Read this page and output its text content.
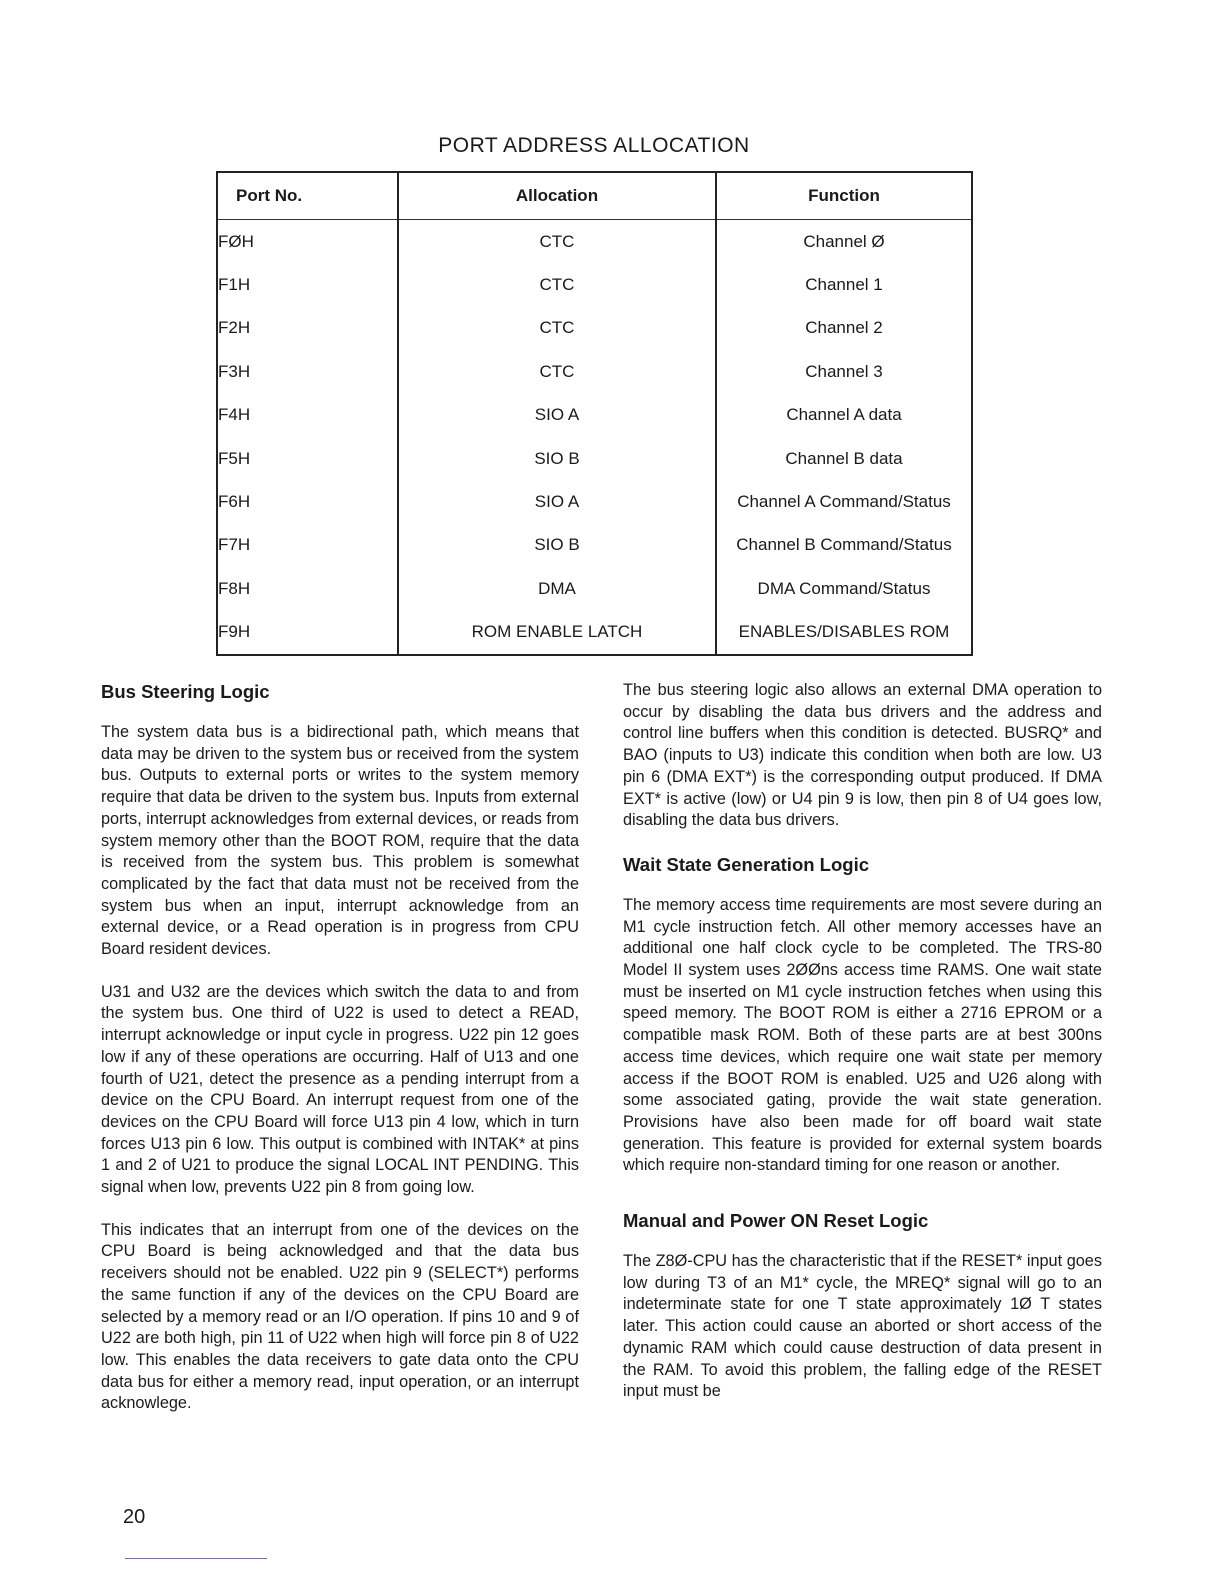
PORT ADDRESS ALLOCATION
Port No.	Allocation	Function
FØH	CTC	Channel Ø
F1H	CTC	Channel 1
F2H	CTC	Channel 2
F3H	CTC	Channel 3
F4H	SIO A	Channel A data
F5H	SIO B	Channel B data
F6H	SIO A	Channel A Command/Status
F7H	SIO B	Channel B Command/Status
F8H	DMA	DMA Command/Status
F9H	ROM ENABLE LATCH	ENABLES/DISABLES ROM
Bus Steering Logic

The system data bus is a bidirectional path, which means that data may be driven to the system bus or received from the system bus. Outputs to external ports or writes to the system memory require that data be driven to the system bus. Inputs from external ports, interrupt acknowledges from external devices, or reads from system memory other than the BOOT ROM, require that the data is received from the system bus. This problem is somewhat complicated by the fact that data must not be received from the system bus when an input, interrupt acknowledge from an external device, or a Read operation is in progress from CPU Board resident devices.

U31 and U32 are the devices which switch the data to and from the system bus. One third of U22 is used to detect a READ, interrupt acknowledge or input cycle in progress. U22 pin 12 goes low if any of these operations are occurring. Half of U13 and one fourth of U21, detect the presence as a pending interrupt from a device on the CPU Board. An interrupt request from one of the devices on the CPU Board will force U13 pin 4 low, which in turn forces U13 pin 6 low. This output is combined with INTAK* at pins 1 and 2 of U21 to produce the signal LOCAL INT PENDING. This signal when low, prevents U22 pin 8 from going low.

This indicates that an interrupt from one of the devices on the CPU Board is being acknowledged and that the data bus receivers should not be enabled. U22 pin 9 (SELECT*) performs the same function if any of the devices on the CPU Board are selected by a memory read or an I/O operation. If pins 10 and 9 of U22 are both high, pin 11 of U22 when high will force pin 8 of U22 low. This enables the data receivers to gate data onto the CPU data bus for either a memory read, input operation, or an interrupt acknowlege.

The bus steering logic also allows an external DMA operation to occur by disabling the data bus drivers and the address and control line buffers when this condition is detected. BUSRQ* and BAO (inputs to U3) indicate this condition when both are low. U3 pin 6 (DMA EXT*) is the corresponding output produced. If DMA EXT* is active (low) or U4 pin 9 is low, then pin 8 of U4 goes low, disabling the data bus drivers.

Wait State Generation Logic

The memory access time requirements are most severe during an M1 cycle instruction fetch. All other memory accesses have an additional one half clock cycle to be completed. The TRS-80 Model II system uses 2ØØns access time RAMS. One wait state must be inserted on M1 cycle instruction fetches when using this speed memory. The BOOT ROM is either a 2716 EPROM or a compatible mask ROM. Both of these parts are at best 300ns access time devices, which require one wait state per memory access if the BOOT ROM is enabled. U25 and U26 along with some associated gating, provide the wait state generation. Provisions have also been made for off board wait state generation. This feature is provided for external system boards which require non-standard timing for one reason or another.

Manual and Power ON Reset Logic

The Z8Ø-CPU has the characteristic that if the RESET* input goes low during T3 of an M1* cycle, the MREQ* signal will go to an indeterminate state for one T state approximately 1Ø T states later. This action could cause an aborted or short access of the dynamic RAM which could cause destruction of data present in the RAM. To avoid this problem, the falling edge of the RESET input must be

20
